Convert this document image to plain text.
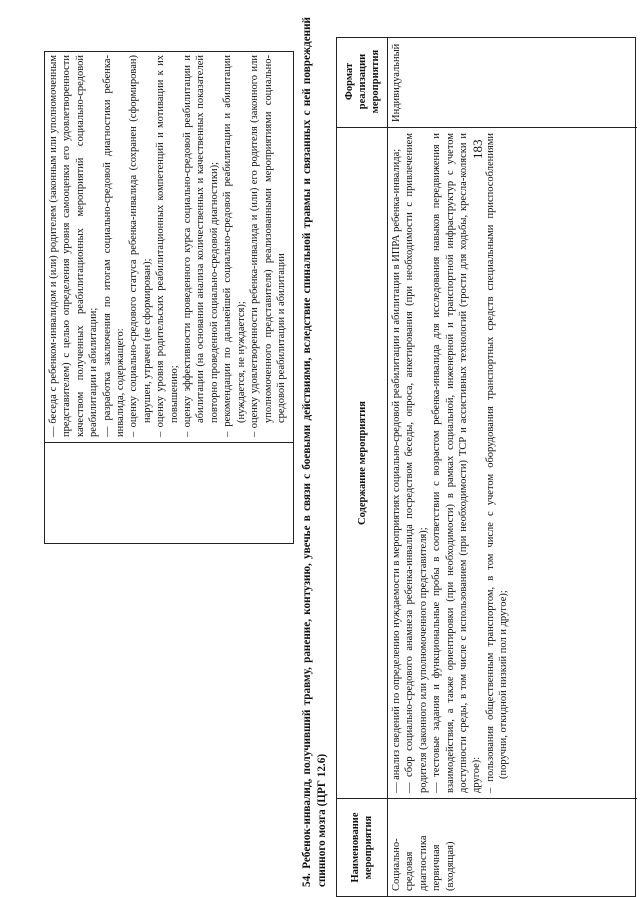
183

— беседа с ребенком-инвалидом и (или) родителем (законным или уполномоченным представителем) с целью определения уровня самооценки его удовлетворенности качеством полученных реабилитационных мероприятий социально-средовой реабилитации и абилитации; — разработка заключения по итогам социально-средовой диагностики ребенка-инвалида, содержащего: – оценку социально-средового статуса ребенка-инвалида (сохранен (сформирован) нарушен, утрачен (не сформирован); – оценку уровня родительских реабилитационных компетенций и мотивации к их повышению; – оценку эффективности проведенного курса социально-средовой реабилитации и абилитации (на основании анализа количественных и качественных показателей повторно проведенной социально-средовой диагностики); – рекомендации по дальнейшей социально-средовой реабилитации и абилитации (нуждается, не нуждается); – оценку удовлетворенности ребенка-инвалида и (или) его родителя (законного или уполномоченного представителя) реализованными мероприятиями социально-средовой реабилитации и абилитации 54. Ребенок-инвалид, получивший травму, ранение, контузию, увечье в связи с боевыми действиями, вследствие спинальной травмы и связанных с ней повреждений спинного мозга (ЦРГ 12.6)	Наименование мероприятия
Содержание мероприятия
Формат реализации мероприятия
Социально-средовая диагностика первичная (входящая)

— анализ сведений по определению нуждаемости в мероприятиях социально-средовой реабилитации и абилитации в ИПРА ребенка-инвалида; — сбор социально-средового анамнеза ребенка-инвалида посредством беседы, опроса, анкетирования (при необходимости с привлечением родителя (законного или уполномоченного представителя); — тестовые задания и функциональные пробы в соответствии с возрастом ребенка-инвалида для исследования навыков передвижения и взаимодействия, а также ориентировки (при необходимости) в рамках социальной, инженерной и транспортной инфраструктур с учетом доступности среды, в том числе с использованием (при необходимости) ТСР и ассистивных технологий (трости для ходьбы, кресла-коляски и другое): – пользования общественным транспортом, в том числе с учетом оборудования транспортных средств специальными приспособлениями (поручни, откидной низкий пол и другое);

Индивидуальный
